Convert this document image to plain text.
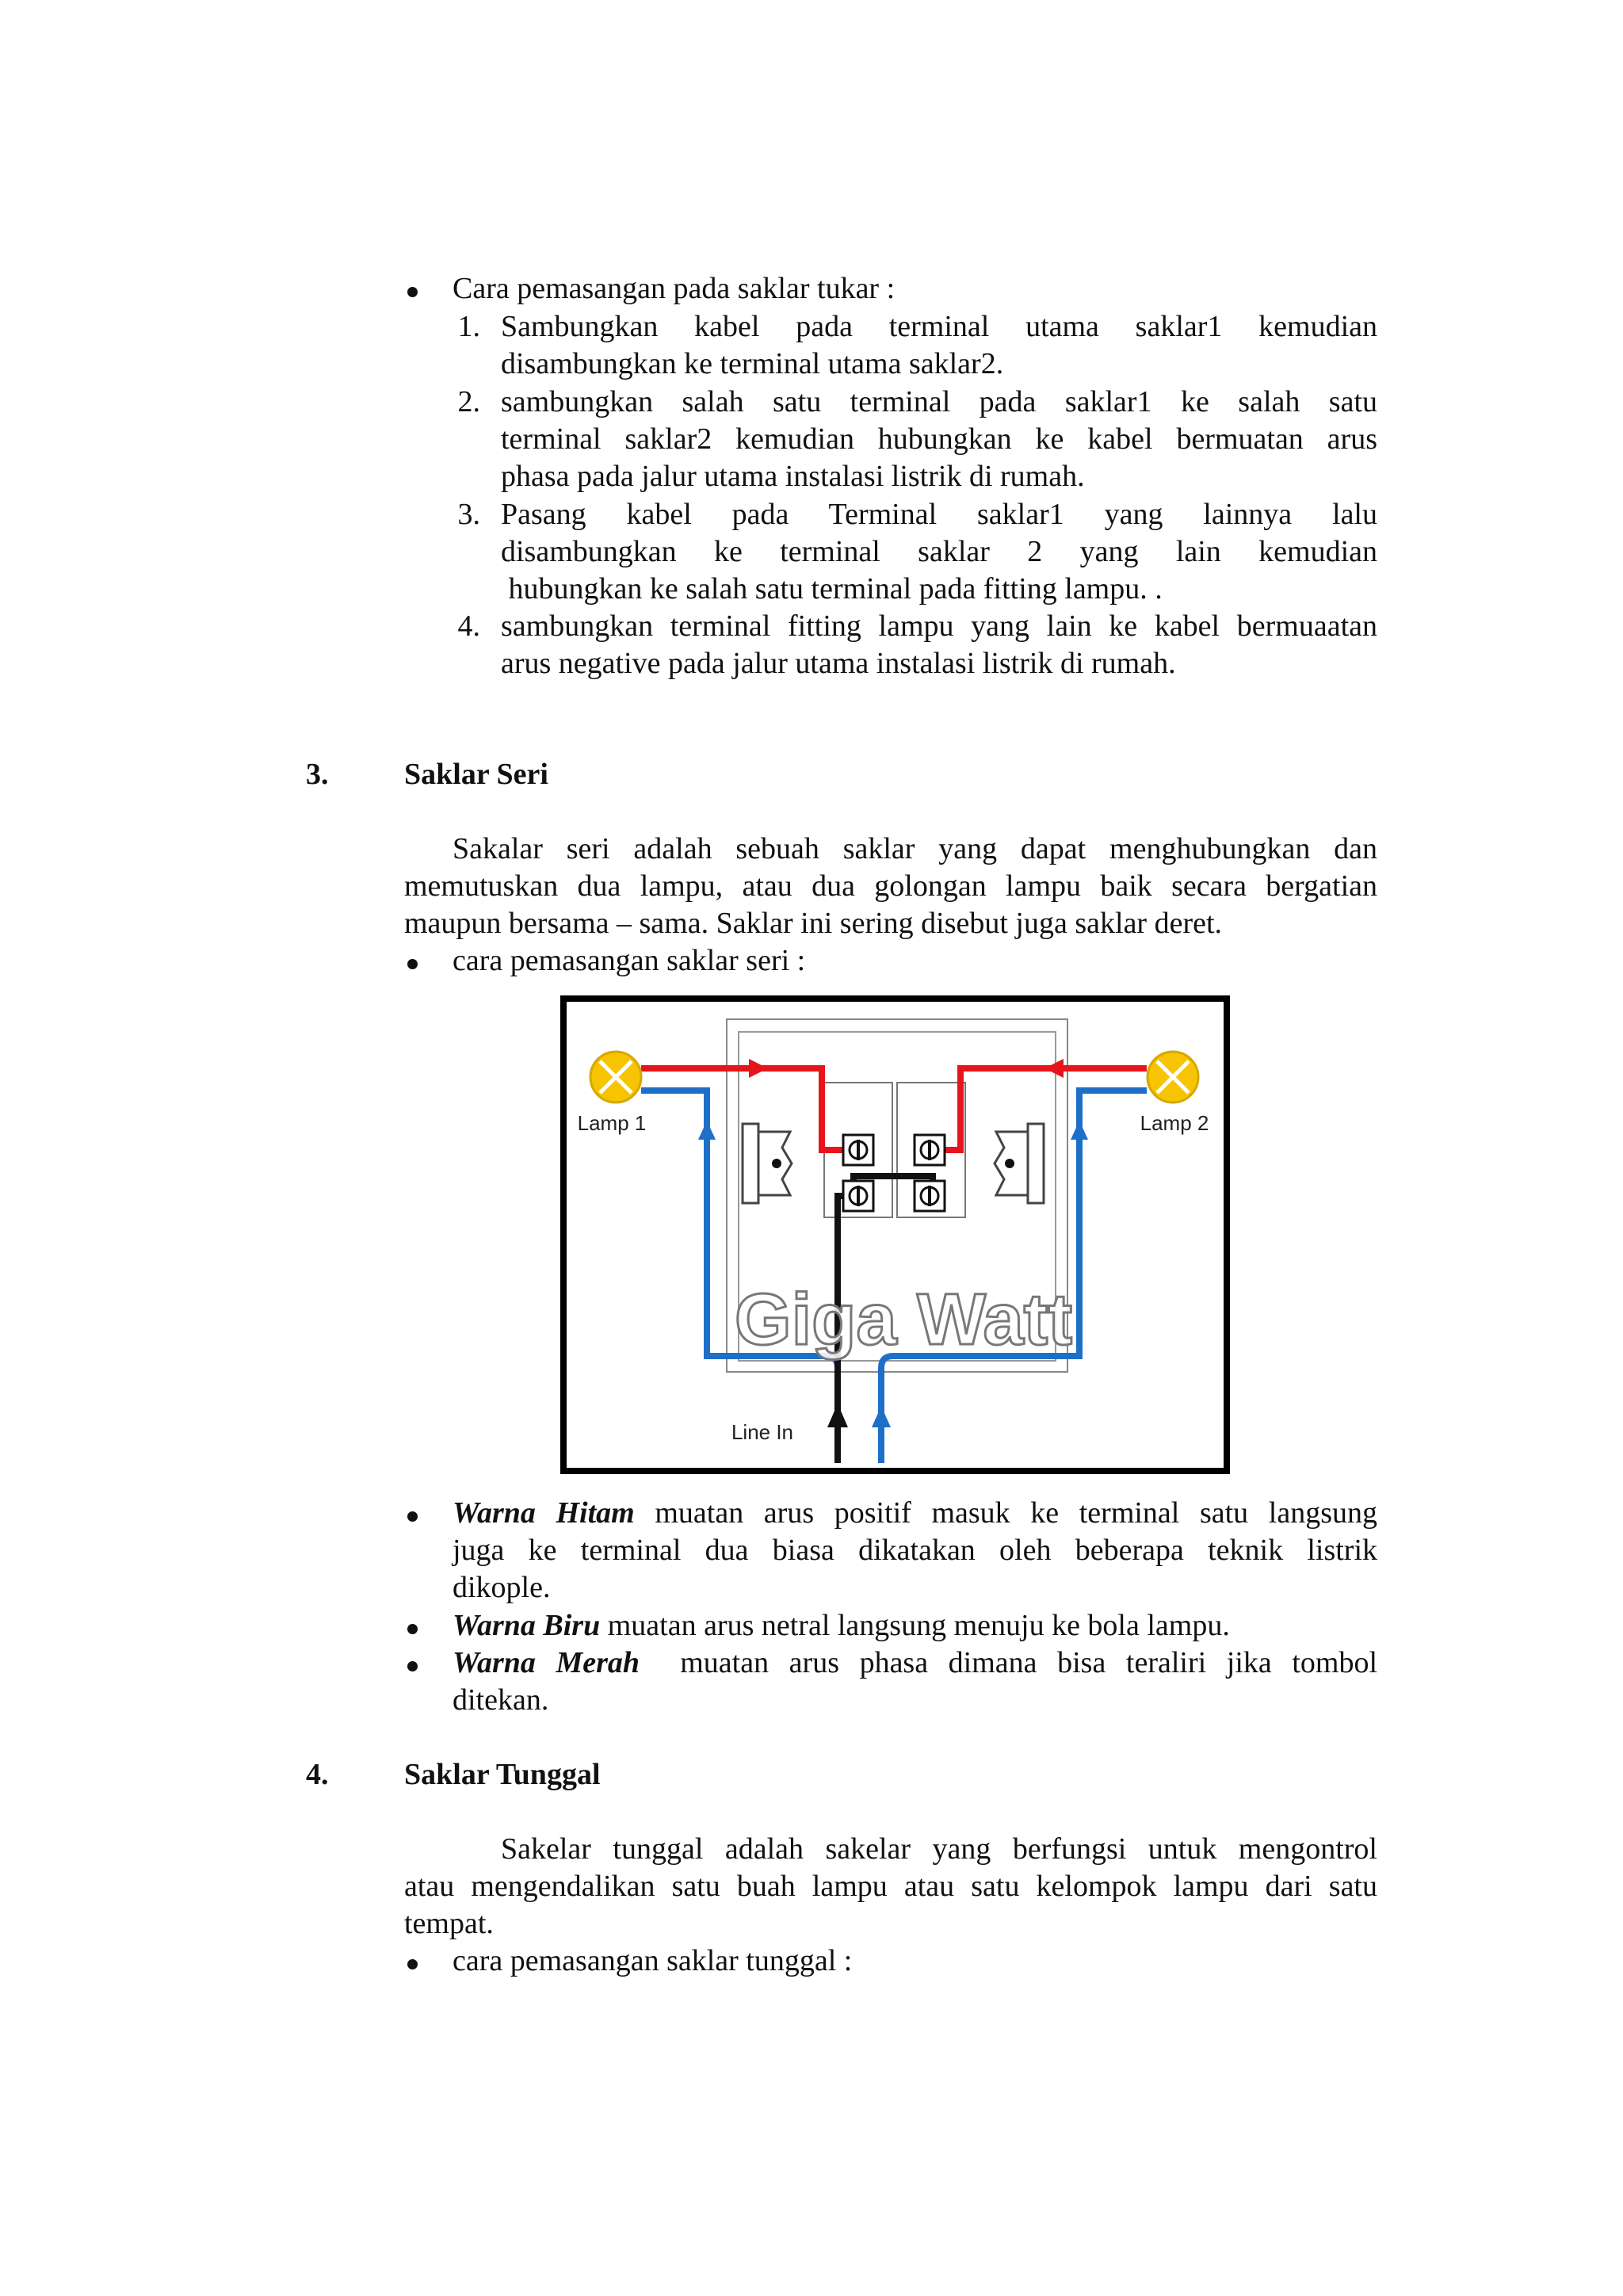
Cara pemasangan pada saklar tukar :
1. Sambungkan kabel pada terminal utama saklar1 kemudian
disambungkan ke terminal utama saklar2.
2. sambungkan salah satu terminal pada saklar1 ke salah satu
terminal saklar2 kemudian hubungkan ke kabel bermuatan arus
phasa pada jalur utama instalasi listrik di rumah.
3. Pasang kabel pada Terminal saklar1 yang lainnya lalu
disambungkan ke terminal saklar 2 yang lain kemudian
hubungkan ke salah satu terminal pada fitting lampu. .
4. sambungkan terminal fitting lampu yang lain ke kabel bermuaatan
arus negative pada jalur utama instalasi listrik di rumah.
3.	Saklar Seri
Sakalar seri adalah sebuah saklar yang dapat menghubungkan dan
memutuskan dua lampu, atau dua golongan lampu baik secara bergatian
maupun bersama – sama. Saklar ini sering disebut juga saklar deret.
cara pemasangan saklar seri :
Lamp 1	Lamp 2
Line In
Giga Watt
Warna Hitam muatan arus positif masuk ke terminal satu langsung
juga ke terminal dua biasa dikatakan oleh beberapa teknik listrik
dikople.
Warna Biru muatan arus netral langsung menuju ke bola lampu.
Warna Merah  muatan arus phasa dimana bisa teraliri jika tombol
ditekan.
4.	Saklar Tunggal
Sakelar tunggal adalah sakelar yang berfungsi untuk mengontrol
atau mengendalikan satu buah lampu atau satu kelompok lampu dari satu
tempat.
cara pemasangan saklar tunggal :
